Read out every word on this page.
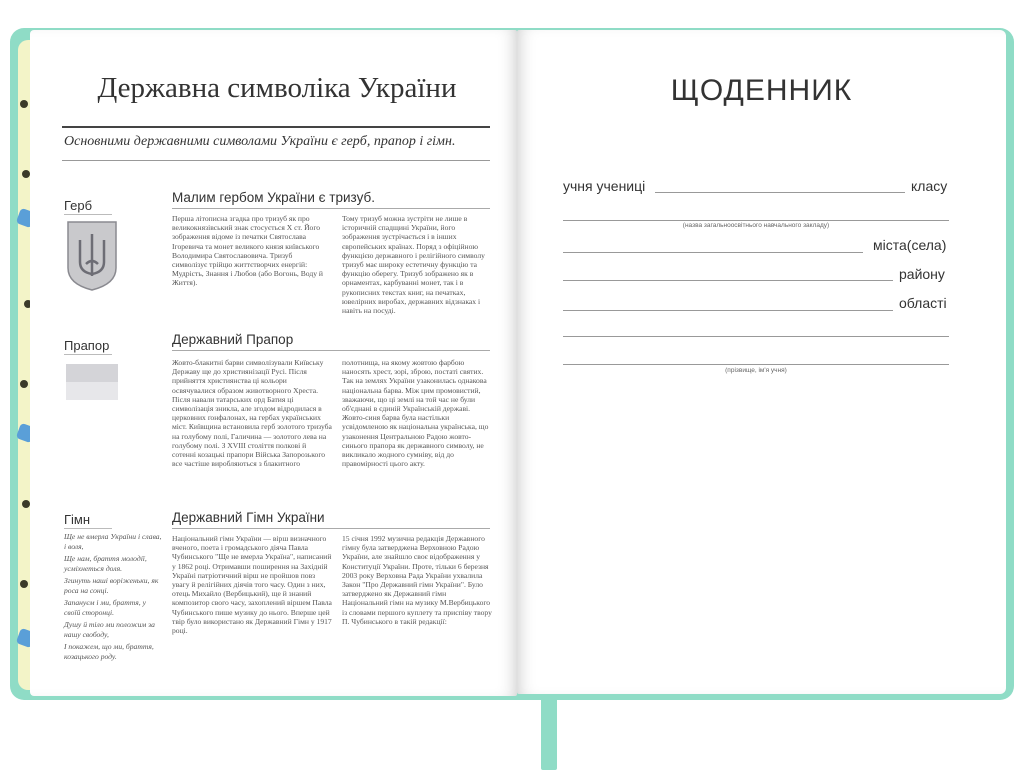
Державна символіка України
Основними державними символами України є герб, прапор і гімн.
Герб
Малим гербом України є тризуб.
Перша літописна згадка про тризуб як про великокнязівський знак стосується X ст. Його зображення відоме із печатки Святослава Ігоревича та монет великого князя київського Володимира Святославовича. Тризуб символізує трійцю життєтворчих енергій: Мудрість, Знання і Любов (або Вогонь, Воду й Життя).
Тому тризуб можна зустріти не лише в історичній спадщині України, його зображення зустрічається і в інших європейських країнах. Поряд з офіційною функцією державного і релігійного символу тризуб має широку естетичну функцію та функцію оберегу. Тризуб зображено як в орнаментах, карбуванні монет, так і в рукописних текстах книг, на печатках, ювелірних виробах, державних відзнаках і навіть на посуді.
Прапор	Державний Прапор
Жовто-блакитні барви символізували Київську Державу ще до християнізації Русі. Після прийняття християнства ці кольори освячувалися образом животворного Хреста. Після навали татарських орд Батия ці символізація зникла, але згодом відродилася в церковних ґонфалонах, на гербах українських міст. Київщина встановила герб золотого тризуба на голубому полі, Галичина — золотого лева на голубому полі. З XVIII століття полкові й сотенні козацькі прапори Війська Запорозького все частіше виробляються з блакитного
полотнища, на якому жовтою фарбою наносять хрест, зорі, зброю, постаті святих. Так на землях України узаконилась однакова національна барва. Між цим промовистий, зважаючи, що ці землі на той час не були об'єднані в єдиній Українській державі. Жовто-синя барва була настільки усвідомленою як національна українська, що узаконення Центральною Радою жовто-синього прапора як державного символу, не викликало жодного сумніву, від до правомірності цього акту.
Гімн
Ще не вмерла України і слава, і воля,
Ще нам, браття молодії, усміхнеться доля.
Згинуть наші воріженьки, як роса на сонці.
Запануєм і ми, браття, у своїй сторонці.
Душу й тіло ми положим за нашу свободу,
І покажем, що ми, браття, козацького роду.
Державний Гімн України
Національний гімн України — вірш визначного вченого, поета і громадського діяча Павла Чубинського "Ще не вмерла Україна", написаний у 1862 році. Отримавши поширення на Західній Україні патріотичний вірш не пройшов повз увагу й релігійних діячів того часу. Один з них, отець Михайло (Вербицький), ще й знаний композитор свого часу, захоплений віршем Павла Чубинського пише музику до нього. Вперше цей твір було використано як Державний Гімн у 1917 році.
15 січня 1992 музична редакція Державного гімну була затверджена Верховною Радою України, але знайшло своє відображення у Конституції України. Проте, тільки 6 березня 2003 року Верховна Рада України ухвалила Закон "Про Державний гімн України". Було затверджено як Державний гімн Національний гімн на музику М.Вербицького із словами першого куплету та приспіву твору П. Чубинського в такій редакції:
ЩОДЕННИК
учня учениці	класу
(назва загальноосвітнього навчального закладу)
міста(села)
району
області
(прізвище, ім'я учня)
